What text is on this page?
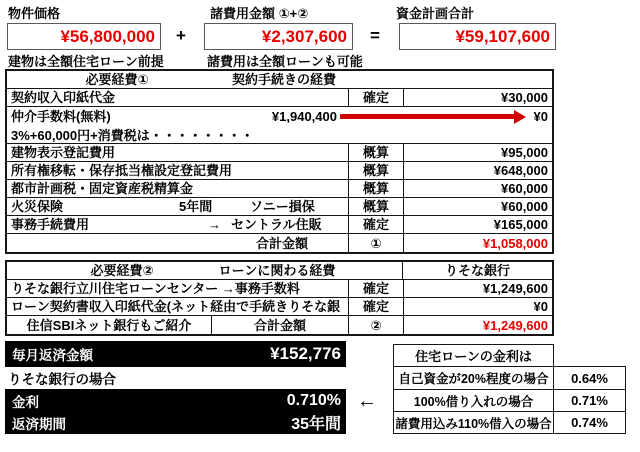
物件価格	諸費用金額 ①+②	資金計画合計
¥56,800,000	+	¥2,307,600	=	¥59,107,600
建物は全額住宅ローン前提	諸費用は全額ローンも可能
必要経費①	契約手続きの経費
契約収入印紙代金	確定	¥30,000
仲介手数料(無料)	¥1,940,400	¥0
3%+60,000円+消費税は・・・・・・・・
建物表示登記費用	概算	¥95,000
所有権移転・保存抵当権設定登記費用	概算	¥648,000
都市計画税・固定資産税精算金	概算	¥60,000
火災保険	5年間	ソニー損保	概算	¥60,000
事務手続費用	→ セントラル住販	確定	¥165,000
合計金額	①	¥1,058,000
必要経費②	ローンに関わる経費	りそな銀行
りそな銀行立川住宅ローンセンター →事務手数料	確定	¥1,249,600
ローン契約書収入印紙代金(ネット経由で手続きりそな銀	確定	¥0
住信SBIネット銀行もご紹介	合計金額	②	¥1,249,600
毎月返済金額	¥152,776
りそな銀行の場合
金利	0.710%
返済期間	35年間
←
住宅ローンの金利は
自己資金が20%程度の場合	0.64%
100%借り入れの場合	0.71%
諸費用込み110%借入の場合	0.74%
